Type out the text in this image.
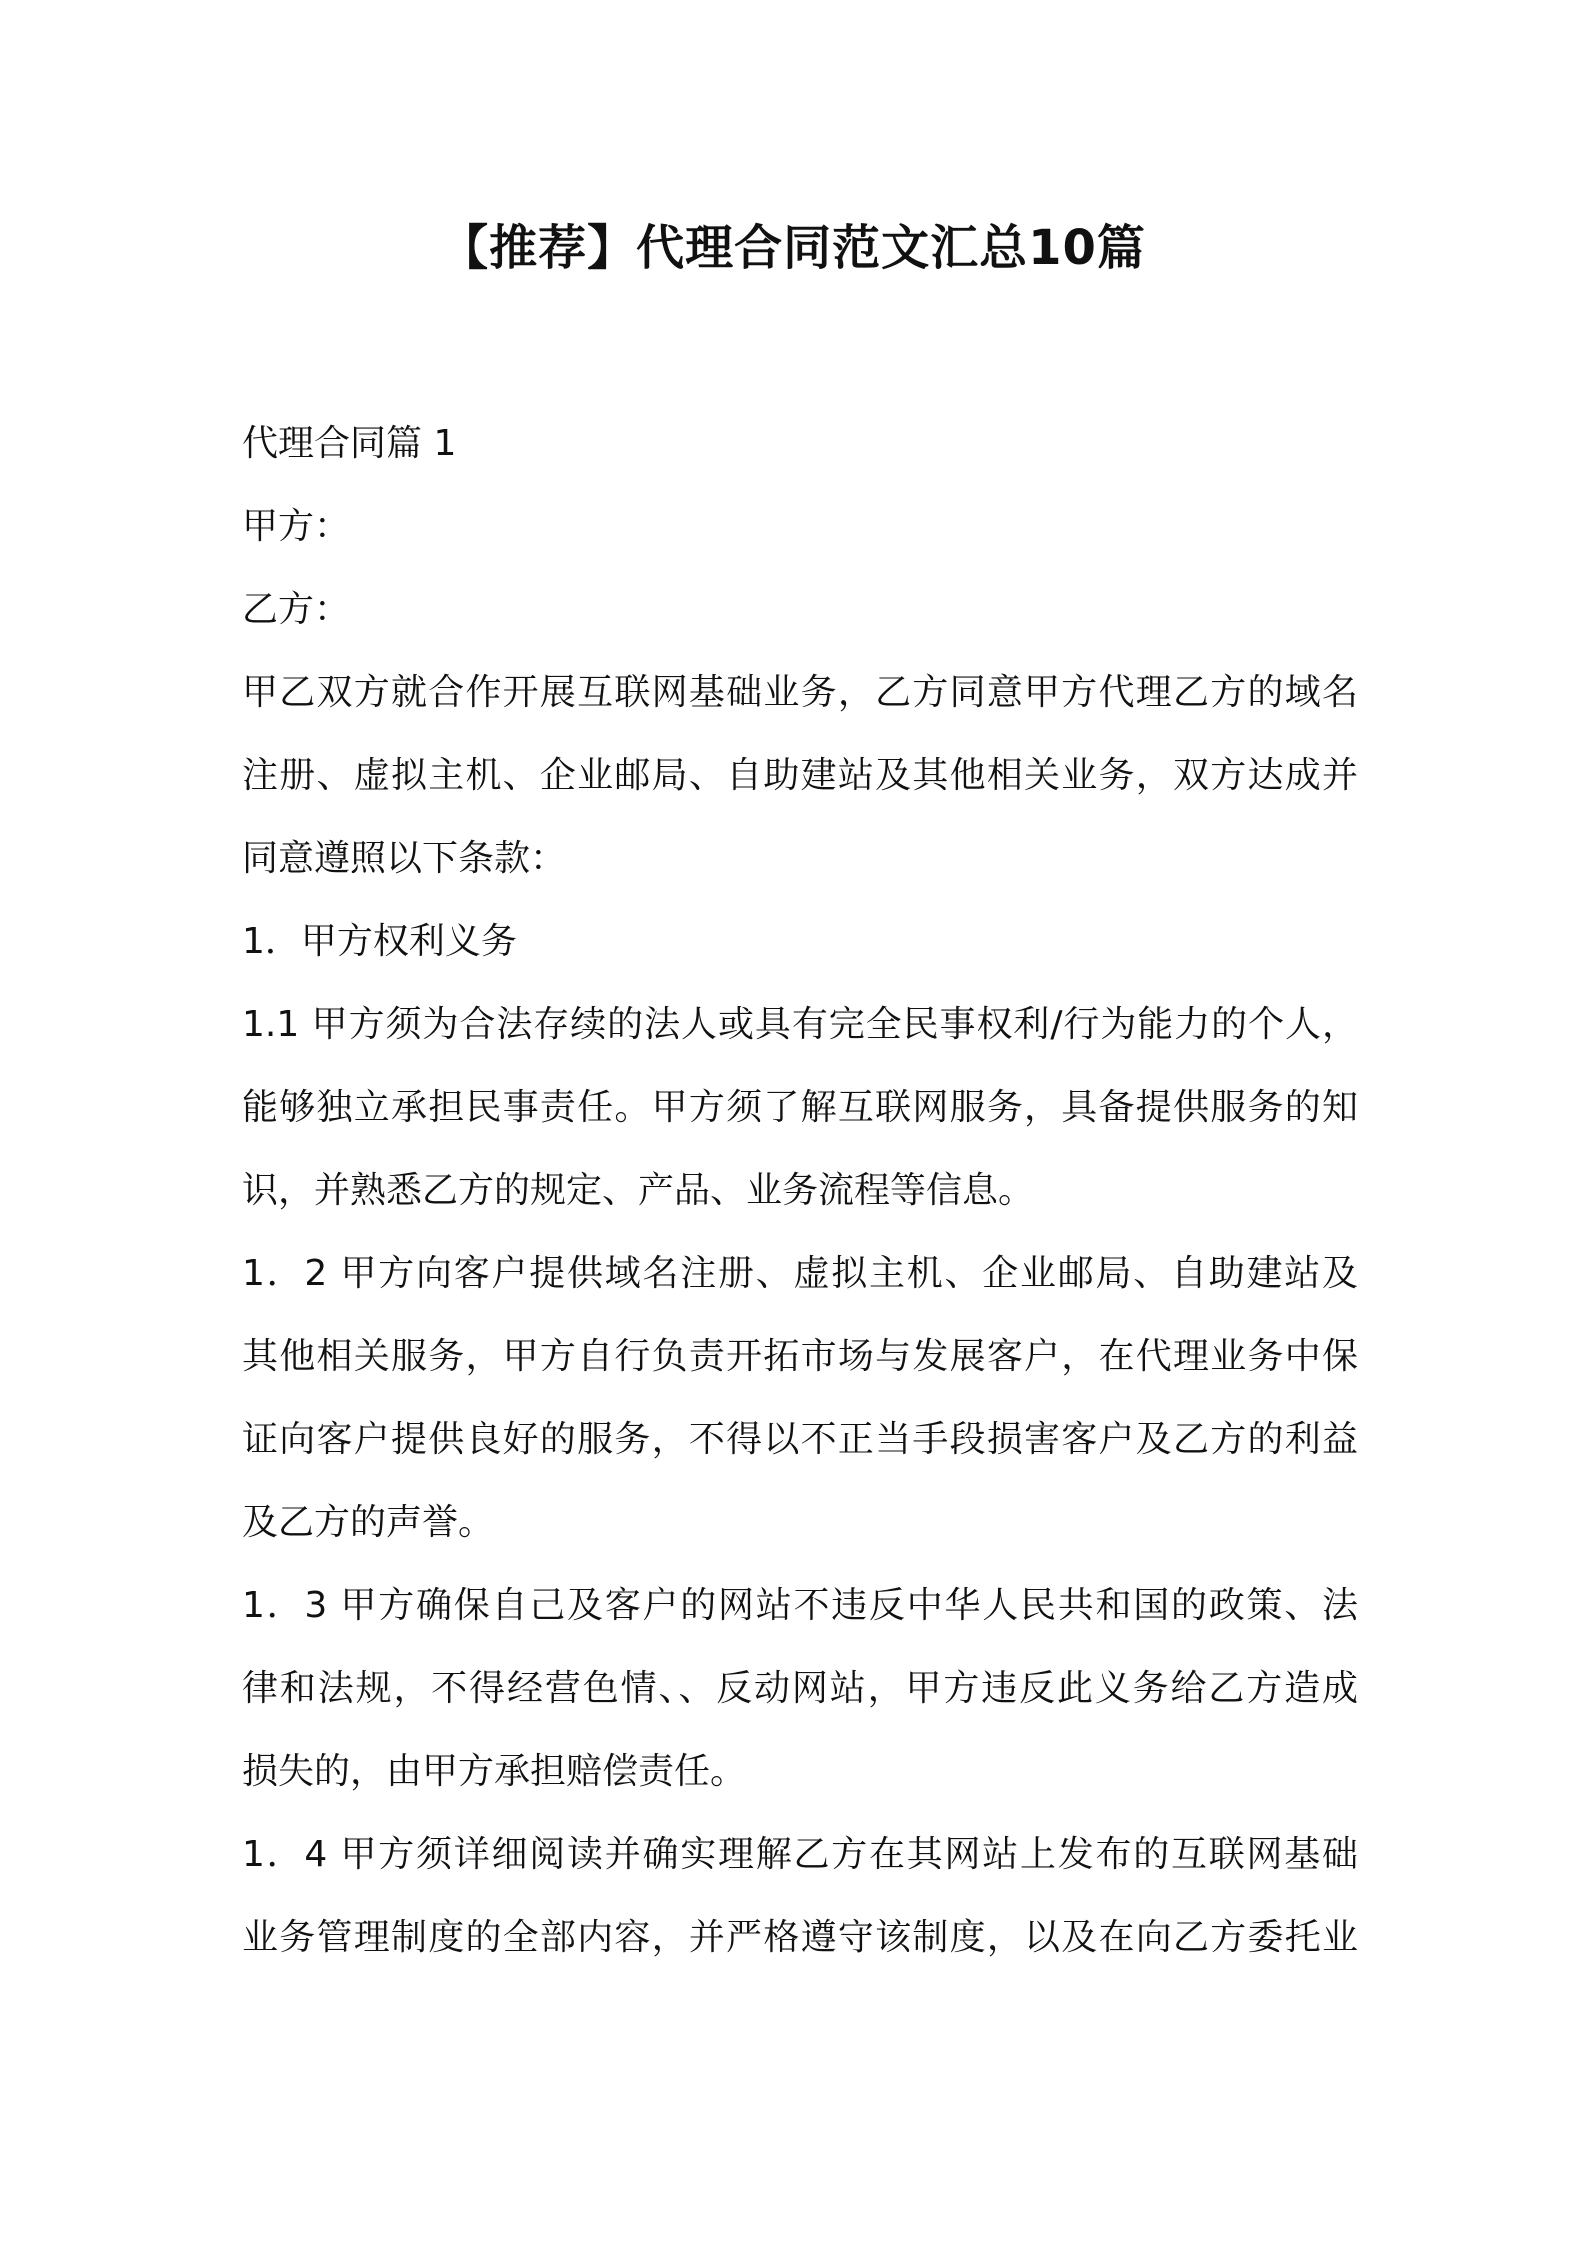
【推荐】代理合同范文汇总10篇
代理合同篇 1
甲方：
乙方：
甲乙双方就合作开展互联网基础业务，乙方同意甲方代理乙方的域名
注册、虚拟主机、企业邮局、自助建站及其他相关业务，双方达成并
同意遵照以下条款：
1．甲方权利义务
1.1 甲方须为合法存续的法人或具有完全民事权利/行为能力的个人，
能够独立承担民事责任。甲方须了解互联网服务，具备提供服务的知
识，并熟悉乙方的规定、产品、业务流程等信息。
1．2 甲方向客户提供域名注册、虚拟主机、企业邮局、自助建站及
其他相关服务，甲方自行负责开拓市场与发展客户，在代理业务中保
证向客户提供良好的服务，不得以不正当手段损害客户及乙方的利益
及乙方的声誉。
1．3 甲方确保自己及客户的网站不违反中华人民共和国的政策、法
律和法规，不得经营色情、、反动网站，甲方违反此义务给乙方造成
损失的，由甲方承担赔偿责任。
1．4 甲方须详细阅读并确实理解乙方在其网站上发布的互联网基础
业务管理制度的全部内容，并严格遵守该制度，以及在向乙方委托业
